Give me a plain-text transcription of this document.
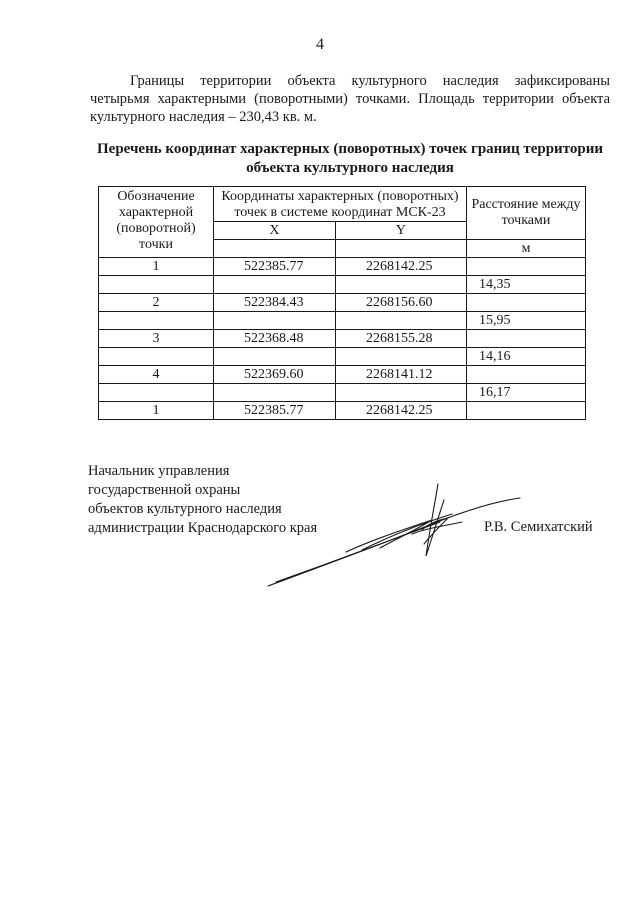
4

Границы территории объекта культурного наследия зафиксированы четырьмя характерными (поворотными) точками. Площадь территории объекта культурного наследия – 230,43 кв. м.

Перечень координат характерных (поворотных) точек границ территории объекта культурного наследия
Обозначение характерной (поворотной) точки	Координаты характерных (поворотных) точек в системе координат МСК-23		Расстояние между точками
	X	Y	
			м
1	522385.77	2268142.25	
			14,35
2	522384.43	2268156.60	
			15,95
3	522368.48	2268155.28	
			14,16
4	522369.60	2268141.12	
			16,17
1	522385.77	2268142.25	
Начальник управления
государственной охраны
объектов культурного наследия
администрации Краснодарского края	Р.В. Семихатский
